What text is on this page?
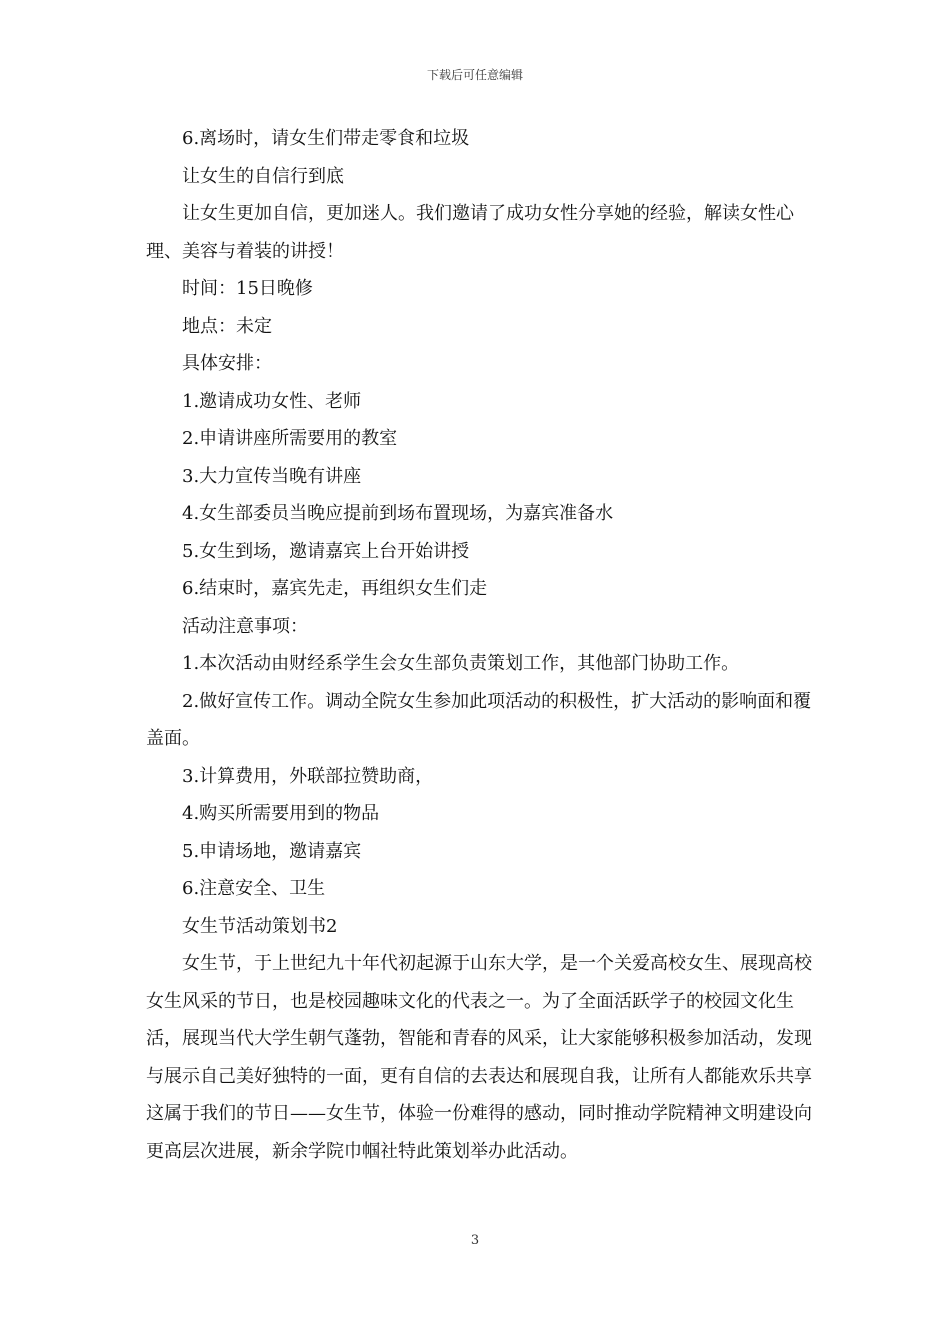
下载后可任意编辑

6.离场时，请女生们带走零食和垃圾

让女生的自信行到底

让女生更加自信，更加迷人。我们邀请了成功女性分享她的经验，解读女性心理、美容与着装的讲授！

时间：15日晚修

地点：未定

具体安排：

1.邀请成功女性、老师

2.申请讲座所需要用的教室

3.大力宣传当晚有讲座

4.女生部委员当晚应提前到场布置现场，为嘉宾准备水

5.女生到场，邀请嘉宾上台开始讲授

6.结束时，嘉宾先走，再组织女生们走

活动注意事项：

1.本次活动由财经系学生会女生部负责策划工作，其他部门协助工作。

2.做好宣传工作。调动全院女生参加此项活动的积极性，扩大活动的影响面和覆盖面。

3.计算费用，外联部拉赞助商，

4.购买所需要用到的物品

5.申请场地，邀请嘉宾

6.注意安全、卫生

女生节活动策划书2

女生节，于上世纪九十年代初起源于山东大学，是一个关爱高校女生、展现高校女生风采的节日，也是校园趣味文化的代表之一。为了全面活跃学子的校园文化生活，展现当代大学生朝气蓬勃，智能和青春的风采，让大家能够积极参加活动，发现与展示自己美好独特的一面，更有自信的去表达和展现自我，让所有人都能欢乐共享这属于我们的节日——女生节，体验一份难得的感动，同时推动学院精神文明建设向更高层次进展，新余学院巾帼社特此策划举办此活动。

3
